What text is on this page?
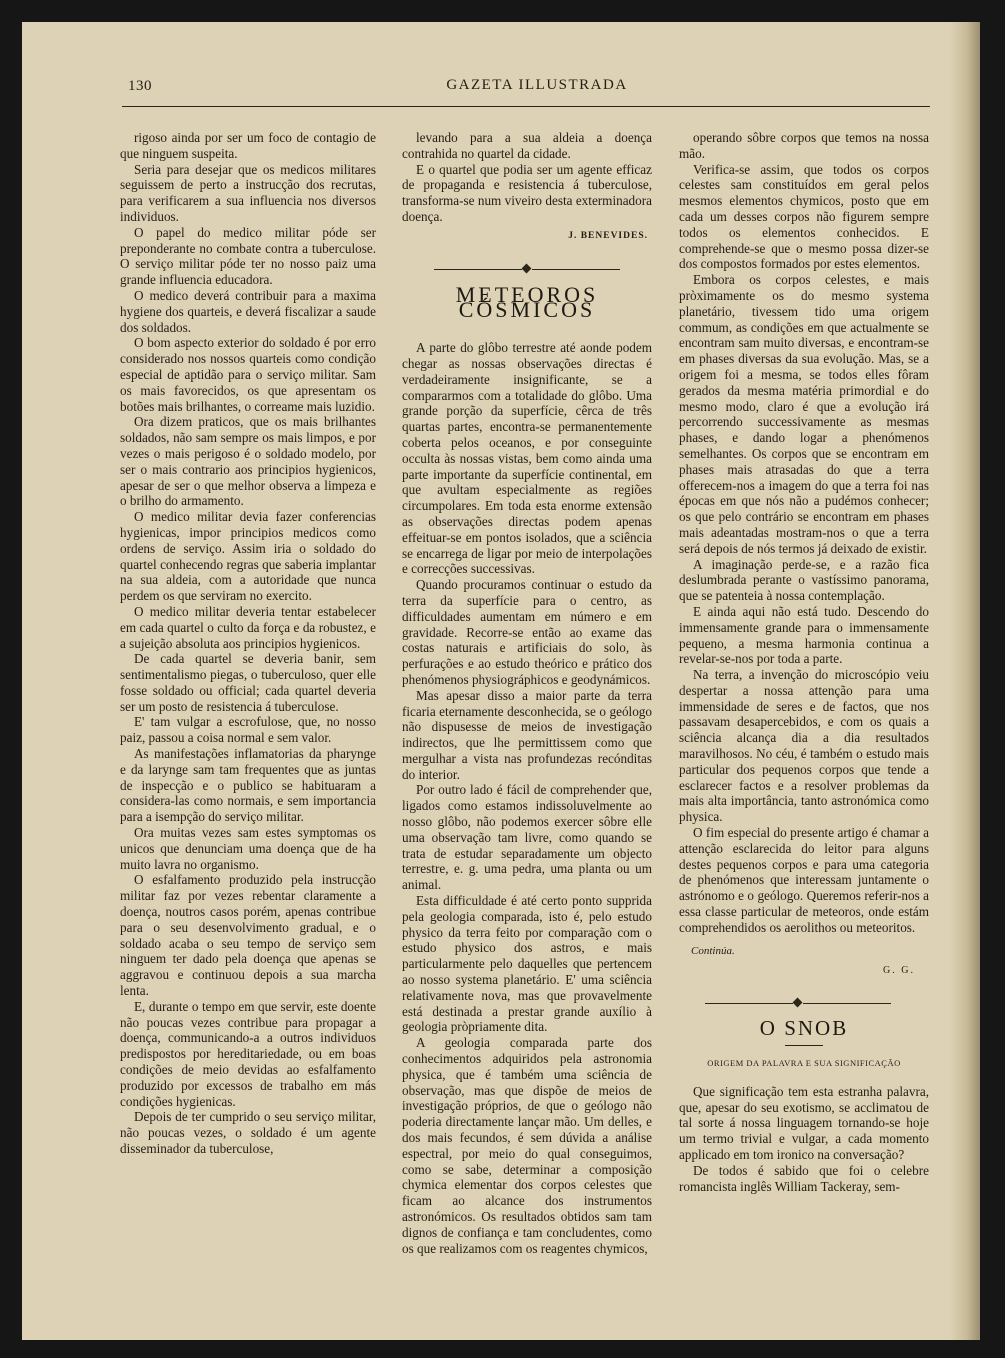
130	GAZETA ILLUSTRADA

rigoso ainda por ser um foco de contagio de que ninguem suspeita.

Seria para desejar que os medicos militares seguissem de perto a instrucção dos recrutas, para verificarem a sua influencia nos diversos individuos.

O papel do medico militar póde ser preponderante no combate contra a tuberculose. O serviço militar póde ter no nosso paiz uma grande influencia educadora.

O medico deverá contribuir para a maxima hygiene dos quarteis, e deverá fiscalizar a saude dos soldados.

O bom aspecto exterior do soldado é por erro considerado nos nossos quarteis como condição especial de aptidão para o serviço militar. Sam os mais favorecidos, os que apresentam os botões mais brilhantes, o correame mais luzidio.

Ora dizem praticos, que os mais brilhantes soldados, não sam sempre os mais limpos, e por vezes o mais perigoso é o soldado modelo, por ser o mais contrario aos principios hygienicos, apesar de ser o que melhor observa a limpeza e o brilho do armamento.

O medico militar devia fazer conferencias hygienicas, impor principios medicos como ordens de serviço. Assim iria o soldado do quartel conhecendo regras que saberia implantar na sua aldeia, com a autoridade que nunca perdem os que serviram no exercito.

O medico militar deveria tentar estabelecer em cada quartel o culto da força e da robustez, e a sujeição absoluta aos principios hygienicos.

De cada quartel se deveria banir, sem sentimentalismo piegas, o tuberculoso, quer elle fosse soldado ou official; cada quartel deveria ser um posto de resistencia á tuberculose.

E' tam vulgar a escrofulose, que, no nosso paiz, passou a coisa normal e sem valor.

As manifestações inflamatorias da pharynge e da larynge sam tam frequentes que as juntas de inspecção e o publico se habituaram a considera-las como normais, e sem importancia para a isempção do serviço militar.

Ora muitas vezes sam estes symptomas os unicos que denunciam uma doença que de ha muito lavra no organismo.

O esfalfamento produzido pela instrucção militar faz por vezes rebentar claramente a doença, noutros casos porém, apenas contribue para o seu desenvolvimento gradual, e o soldado acaba o seu tempo de serviço sem ninguem ter dado pela doença que apenas se aggravou e continuou depois a sua marcha lenta.

E, durante o tempo em que servir, este doente não poucas vezes contribue para propagar a doença, communicando-a a outros individuos predispostos por hereditariedade, ou em boas condições de meio devidas ao esfalfamento produzido por excessos de trabalho em más condições hygienicas.

Depois de ter cumprido o seu serviço militar, não poucas vezes, o soldado é um agente disseminador da tuberculose,

levando para a sua aldeia a doença contrahida no quartel da cidade.

E o quartel que podia ser um agente efficaz de propaganda e resistencia á tuberculose, transforma-se num viveiro desta exterminadora doença.

J. BENEVIDES.
METEOROS CÓSMICOS

A parte do glôbo terrestre até aonde podem chegar as nossas observações directas é verdadeiramente insignificante, se a compararmos com a totalidade do glôbo. Uma grande porção da superfície, cêrca de três quartas partes, encontra-se permanentemente coberta pelos oceanos, e por conseguinte occulta às nossas vistas, bem como ainda uma parte importante da superfície continental, em que avultam especialmente as regiões circumpolares. Em toda esta enorme extensão as observações directas podem apenas effeituar-se em pontos isolados, que a sciência se encarrega de ligar por meio de interpolações e correcções successivas.

Quando procuramos continuar o estudo da terra da superfície para o centro, as difficuldades aumentam em número e em gravidade. Recorre-se então ao exame das costas naturais e artificiais do solo, às perfurações e ao estudo theórico e prático dos phenómenos physiográphicos e geodynámicos.

Mas apesar disso a maior parte da terra ficaria eternamente desconhecida, se o geólogo não dispusesse de meios de investigação indirectos, que lhe permittissem como que mergulhar a vista nas profundezas recónditas do interior.

Por outro lado é fácil de comprehender que, ligados como estamos indissoluvelmente ao nosso glôbo, não podemos exercer sôbre elle uma observação tam livre, como quando se trata de estudar separadamente um objecto terrestre, e. g. uma pedra, uma planta ou um animal.

Esta difficuldade é até certo ponto supprida pela geologia comparada, isto é, pelo estudo physico da terra feito por comparação com o estudo physico dos astros, e mais particularmente pelo daquelles que pertencem ao nosso systema planetário. E' uma sciência relativamente nova, mas que provavelmente está destinada a prestar grande auxílio à geologia pròpriamente dita.

A geologia comparada parte dos conhecimentos adquiridos pela astronomia physica, que é também uma sciência de observação, mas que dispõe de meios de investigação próprios, de que o geólogo não poderia directamente lançar mão. Um delles, e dos mais fecundos, é sem dúvida a análise espectral, por meio do qual conseguimos, como se sabe, determinar a composição chymica elementar dos corpos celestes que ficam ao alcance dos instrumentos astronómicos. Os resultados obtidos sam tam dignos de confiança e tam concludentes, como os que realizamos com os reagentes chymicos,

operando sôbre corpos que temos na nossa mão.

Verifica-se assim, que todos os corpos celestes sam constituídos em geral pelos mesmos elementos chymicos, posto que em cada um desses corpos não figurem sempre todos os elementos conhecidos. E comprehende-se que o mesmo possa dizer-se dos compostos formados por estes elementos.

Embora os corpos celestes, e mais pròximamente os do mesmo systema planetário, tivessem tido uma origem commum, as condições em que actualmente se encontram sam muito diversas, e encontram-se em phases diversas da sua evolução. Mas, se a origem foi a mesma, se todos elles fôram gerados da mesma matéria primordial e do mesmo modo, claro é que a evolução irá percorrendo successivamente as mesmas phases, e dando logar a phenómenos semelhantes. Os corpos que se encontram em phases mais atrasadas do que a terra offerecem-nos a imagem do que a terra foi nas épocas em que nós não a pudémos conhecer; os que pelo contrário se encontram em phases mais adeantadas mostram-nos o que a terra será depois de nós termos já deixado de existir.

A imaginação perde-se, e a razão fica deslumbrada perante o vastíssimo panorama, que se patenteia à nossa contemplação.

E ainda aqui não está tudo. Descendo do immensamente grande para o immensamente pequeno, a mesma harmonia continua a revelar-se-nos por toda a parte.

Na terra, a invenção do microscópio veiu despertar a nossa attenção para uma immensidade de seres e de factos, que nos passavam desapercebidos, e com os quais a sciência alcança dia a dia resultados maravilhosos. No céu, é também o estudo mais particular dos pequenos corpos que tende a esclarecer factos e a resolver problemas da mais alta importância, tanto astronómica como physica.

O fim especial do presente artigo é chamar a attenção esclarecida do leitor para alguns destes pequenos corpos e para uma categoria de phenómenos que interessam juntamente o astrónomo e o geólogo. Queremos referir-nos a essa classe particular de meteoros, onde estám comprehendidos os aerolithos ou meteoritos.

Continúa.
G. G.
O SNOB
ORIGEM DA PALAVRA E SUA SIGNIFICAÇÃO

Que significação tem esta estranha palavra, que, apesar do seu exotismo, se acclimatou de tal sorte á nossa linguagem tornando-se hoje um termo trivial e vulgar, a cada momento applicado em tom ironico na conversação?

De todos é sabido que foi o celebre romancista inglês William Tackeray, sem-
